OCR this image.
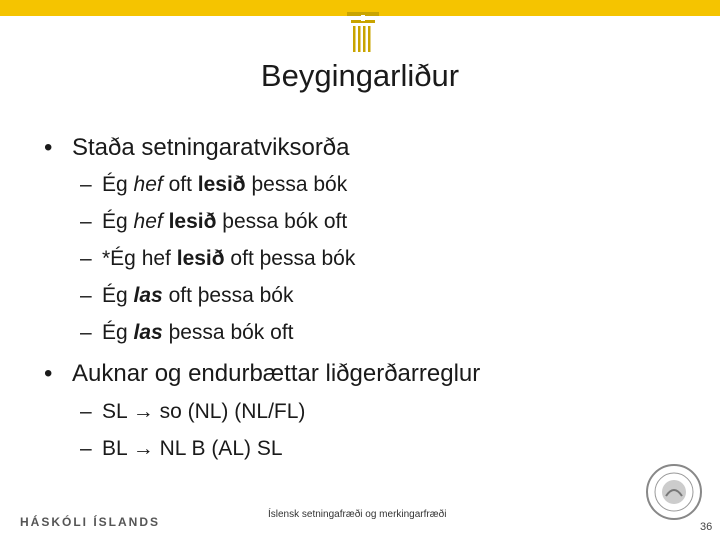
Beygingarliður
• Staða setningaratviksorða
– Ég hef oft lesið þessa bók
– Ég hef lesið þessa bók oft
– *Ég hef lesið oft þessa bók
– Ég las oft þessa bók
– Ég las þessa bók oft
• Auknar og endurbættar liðgerðarreglur
– SL → so (NL) (NL/FL)
– BL → NL B (AL) SL
HÁSKÓLI ÍSLANDS
Íslensk setningafræði og merkingarfræði
36
